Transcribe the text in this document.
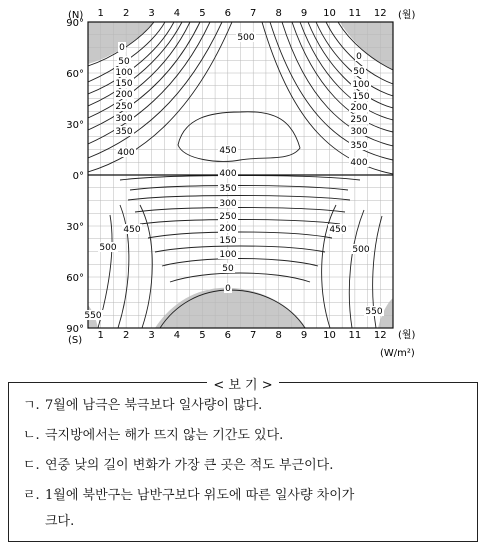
(N)
(S)
(월)
(월)
(W/m²)
1
1
2
2
3
3
4
4
5
5
6
6
7
7
8
8
9
9
10
10
11
11
12
12
90°
60°
30°
0°
30°
60°
90°
0
50
100
150
200
250
300
350
400
500
450
0
50
100
150
200
250
300
350
400
400
350
300
250
200
150
100
50
0
500
450	450
500
550	550
< 보 기 >
ㄱ. 7월에 남극은 북극보다 일사량이 많다.
ㄴ. 극지방에서는 해가 뜨지 않는 기간도 있다.
ㄷ. 연중 낮의 길이 변화가 가장 큰 곳은 적도 부근이다.
ㄹ. 1월에 북반구는 남반구보다 위도에 따른 일사량 차이가
크다.
